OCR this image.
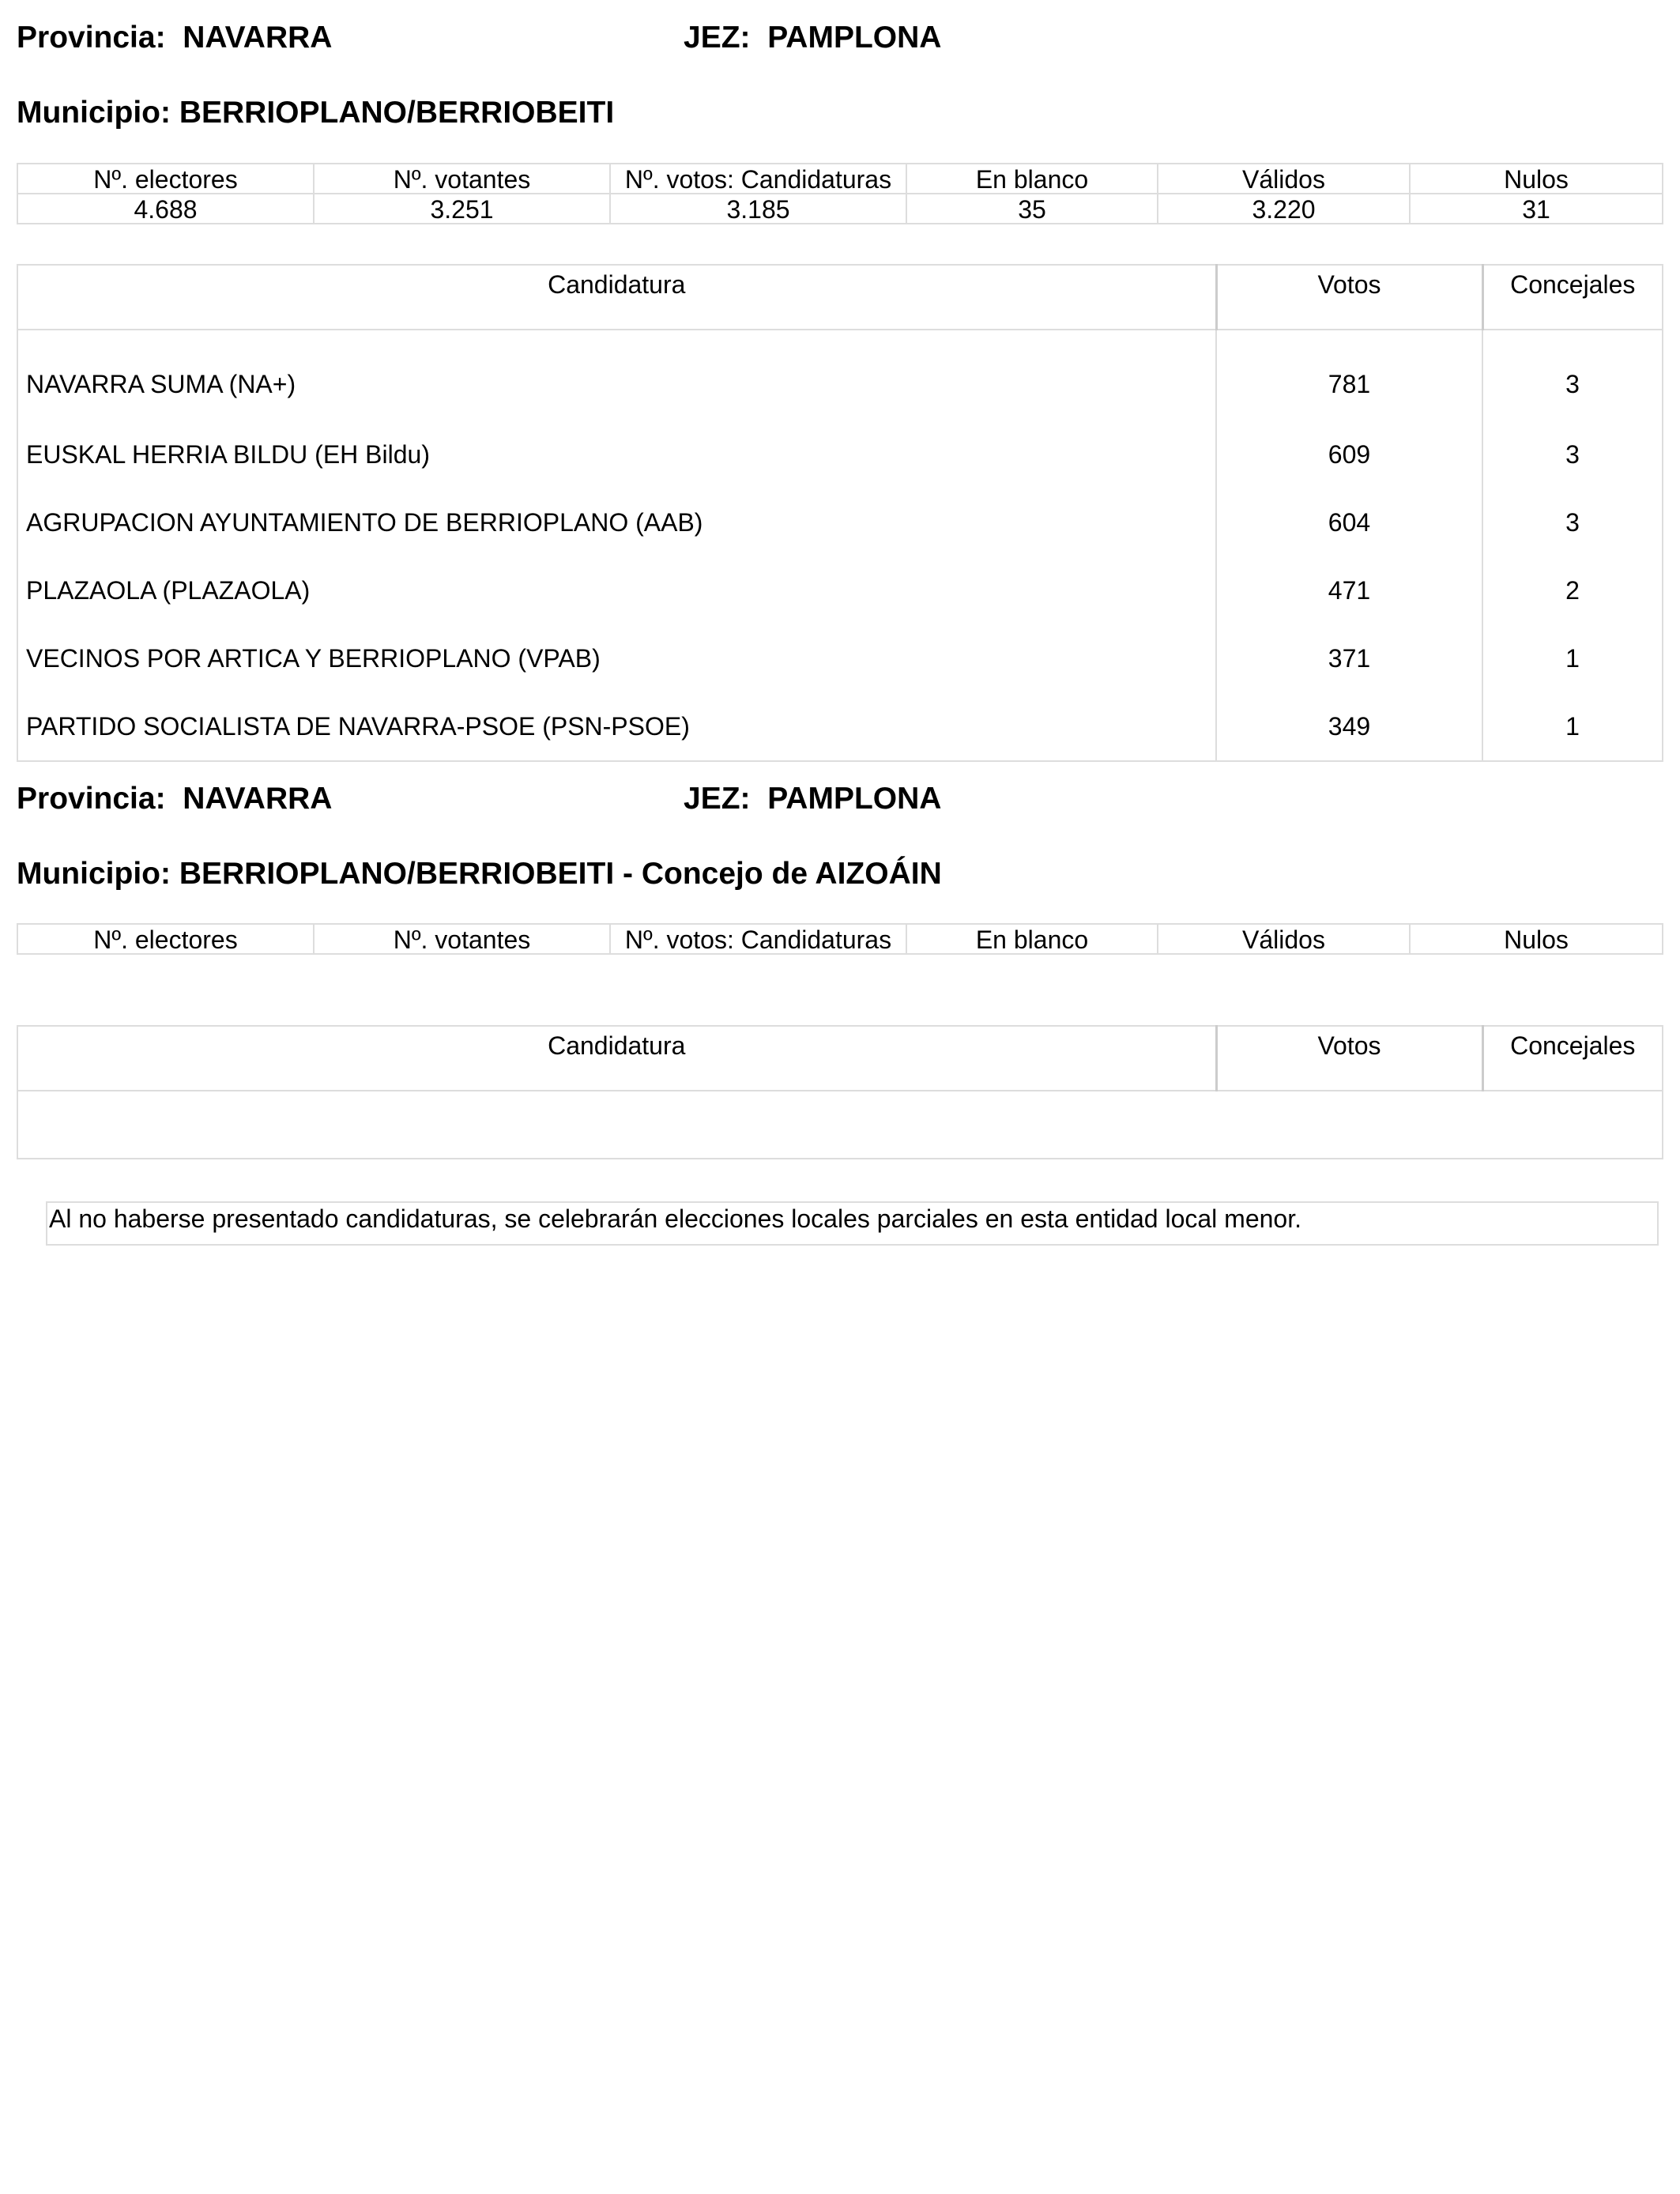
Provincia: NAVARRA	JEZ: PAMPLONA
Municipio: BERRIOPLANO/BERRIOBEITI
Nº. electores	Nº. votantes	Nº. votos: Candidaturas	En blanco	Válidos	Nulos
4.688	3.251	3.185	35	3.220	31
Candidatura	Votos	Concejales
NAVARRA SUMA (NA+)	781	3
EUSKAL HERRIA BILDU (EH Bildu)	609	3
AGRUPACION AYUNTAMIENTO DE BERRIOPLANO (AAB)	604	3
PLAZAOLA (PLAZAOLA)	471	2
VECINOS POR ARTICA Y BERRIOPLANO (VPAB)	371	1
PARTIDO SOCIALISTA DE NAVARRA-PSOE (PSN-PSOE)	349	1
Provincia: NAVARRA	JEZ: PAMPLONA
Municipio: BERRIOPLANO/BERRIOBEITI - Concejo de AIZOÁIN
Nº. electores	Nº. votantes	Nº. votos: Candidaturas	En blanco	Válidos	Nulos
Candidatura	Votos	Concejales

Al no haberse presentado candidaturas, se celebrarán elecciones locales parciales en esta entidad local menor.
